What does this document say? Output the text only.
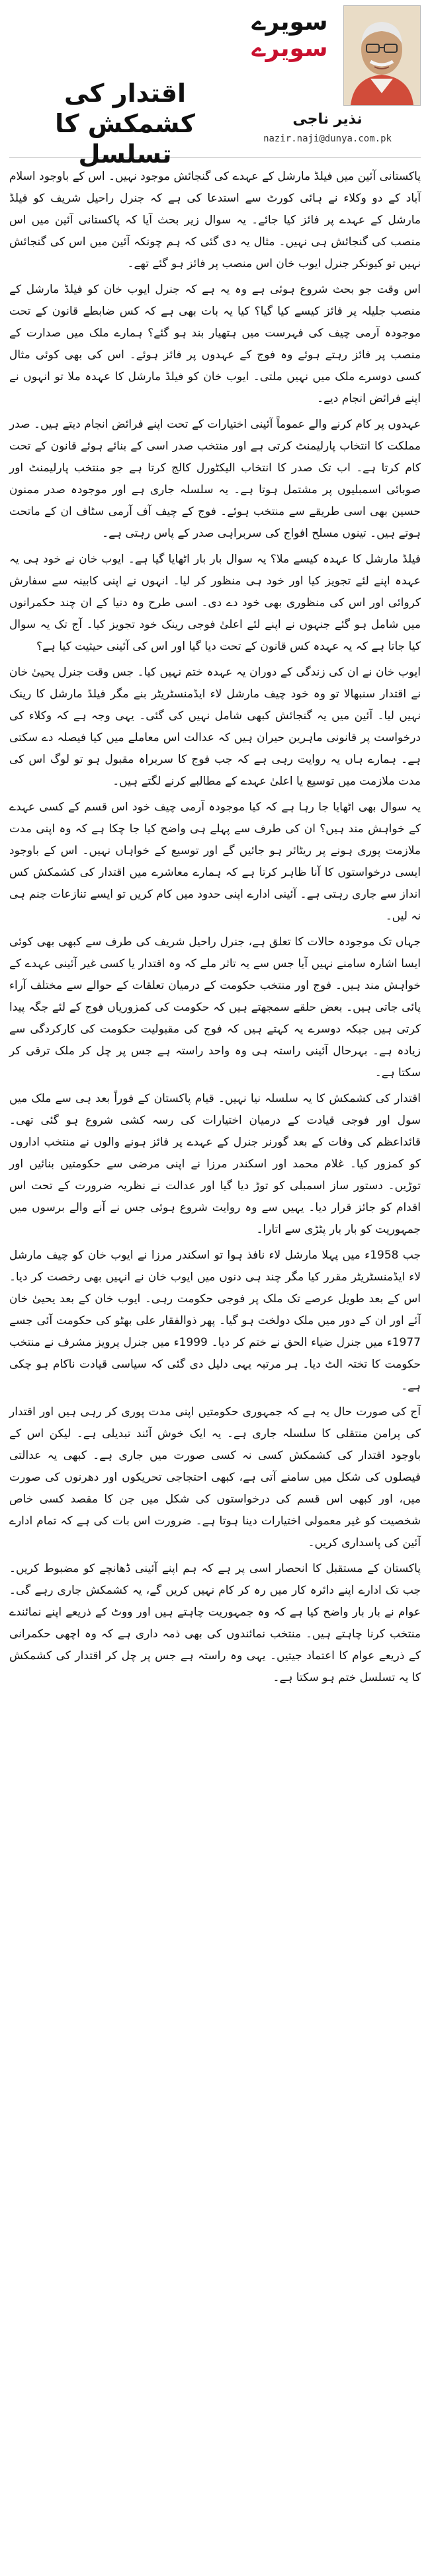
اقتدار کی کشمکش کا تسلسل
سویرے
سویرے
نذیر ناجی
nazir.naji@dunya.com.pk

پاکستانی آئین میں فیلڈ مارشل کے عہدے کی گنجائش موجود نہیں۔ اس کے باوجود اسلام آباد کے دو وکلاء نے ہائی کورٹ سے استدعا کی ہے کہ جنرل راحیل شریف کو فیلڈ مارشل کے عہدے پر فائز کیا جائے۔ یہ سوال زیر بحث آیا کہ پاکستانی آئین میں اس منصب کی گنجائش ہی نہیں۔ مثال یہ دی گئی کہ ہم چونکہ آئین میں اس کی گنجائش نہیں تو کیونکر جنرل ایوب خان اس منصب پر فائز ہو گئے تھے۔

اس وقت جو بحث شروع ہوئی ہے وہ یہ ہے کہ جنرل ایوب خان کو فیلڈ مارشل کے منصب جلیلہ پر فائز کیسے کیا گیا؟ کیا یہ بات بھی ہے کہ کس ضابطے قانون کے تحت موجودہ آرمی چیف کی فہرست میں ہتھیار بند ہو گئے؟ ہمارے ملک میں صدارت کے منصب پر فائز رہتے ہوئے وہ فوج کے عہدوں پر فائز ہوئے۔ اس کی بھی کوئی مثال کسی دوسرے ملک میں نہیں ملتی۔ ایوب خان کو فیلڈ مارشل کا عہدہ ملا تو انہوں نے اپنے فرائض انجام دیے۔

عہدوں پر کام کرنے والے عموماً آئینی اختیارات کے تحت اپنے فرائض انجام دیتے ہیں۔ صدر مملکت کا انتخاب پارلیمنٹ کرتی ہے اور منتخب صدر اسی کے بنائے ہوئے قانون کے تحت کام کرتا ہے۔ اب تک صدر کا انتخاب الیکٹورل کالج کرتا ہے جو منتخب پارلیمنٹ اور صوبائی اسمبلیوں پر مشتمل ہوتا ہے۔ یہ سلسلہ جاری ہے اور موجودہ صدر ممنون حسین بھی اسی طریقے سے منتخب ہوئے۔ فوج کے چیف آف آرمی سٹاف ان کے ماتحت ہوتے ہیں۔ تینوں مسلح افواج کی سربراہی صدر کے پاس رہتی ہے۔

فیلڈ مارشل کا عہدہ کیسے ملا؟ یہ سوال بار بار اٹھایا گیا ہے۔ ایوب خان نے خود ہی یہ عہدہ اپنے لئے تجویز کیا اور خود ہی منظور کر لیا۔ انہوں نے اپنی کابینہ سے سفارش کروائی اور اس کی منظوری بھی خود دے دی۔ اسی طرح وہ دنیا کے ان چند حکمرانوں میں شامل ہو گئے جنہوں نے اپنے لئے اعلیٰ فوجی رینک خود تجویز کیا۔ آج تک یہ سوال کیا جاتا ہے کہ یہ عہدہ کس قانون کے تحت دیا گیا اور اس کی آئینی حیثیت کیا ہے؟

ایوب خان نے ان کی زندگی کے دوران یہ عہدہ ختم نہیں کیا۔ جس وقت جنرل یحییٰ خان نے اقتدار سنبھالا تو وہ خود چیف مارشل لاء ایڈمنسٹریٹر بنے مگر فیلڈ مارشل کا رینک نہیں لیا۔ آئین میں یہ گنجائش کبھی شامل نہیں کی گئی۔ یہی وجہ ہے کہ وکلاء کی درخواست پر قانونی ماہرین حیران ہیں کہ عدالت اس معاملے میں کیا فیصلہ دے سکتی ہے۔ ہمارے ہاں یہ روایت رہی ہے کہ جب فوج کا سربراہ مقبول ہو تو لوگ اس کی مدت ملازمت میں توسیع یا اعلیٰ عہدے کے مطالبے کرنے لگتے ہیں۔

یہ سوال بھی اٹھایا جا رہا ہے کہ کیا موجودہ آرمی چیف خود اس قسم کے کسی عہدے کے خواہش مند ہیں؟ ان کی طرف سے پہلے ہی واضح کیا جا چکا ہے کہ وہ اپنی مدت ملازمت پوری ہونے پر ریٹائر ہو جائیں گے اور توسیع کے خواہاں نہیں۔ اس کے باوجود ایسی درخواستوں کا آنا ظاہر کرتا ہے کہ ہمارے معاشرے میں اقتدار کی کشمکش کس انداز سے جاری رہتی ہے۔ آئینی ادارے اپنی حدود میں کام کریں تو ایسے تنازعات جنم ہی نہ لیں۔

جہاں تک موجودہ حالات کا تعلق ہے، جنرل راحیل شریف کی طرف سے کبھی بھی کوئی ایسا اشارہ سامنے نہیں آیا جس سے یہ تاثر ملے کہ وہ اقتدار یا کسی غیر آئینی عہدے کے خواہش مند ہیں۔ فوج اور منتخب حکومت کے درمیان تعلقات کے حوالے سے مختلف آراء پائی جاتی ہیں۔ بعض حلقے سمجھتے ہیں کہ حکومت کی کمزوریاں فوج کے لئے جگہ پیدا کرتی ہیں جبکہ دوسرے یہ کہتے ہیں کہ فوج کی مقبولیت حکومت کی کارکردگی سے زیادہ ہے۔ بہرحال آئینی راستہ ہی وہ واحد راستہ ہے جس پر چل کر ملک ترقی کر سکتا ہے۔

اقتدار کی کشمکش کا یہ سلسلہ نیا نہیں۔ قیام پاکستان کے فوراً بعد ہی سے ملک میں سول اور فوجی قیادت کے درمیان اختیارات کی رسہ کشی شروع ہو گئی تھی۔ قائداعظم کی وفات کے بعد گورنر جنرل کے عہدے پر فائز ہونے والوں نے منتخب اداروں کو کمزور کیا۔ غلام محمد اور اسکندر مرزا نے اپنی مرضی سے حکومتیں بنائیں اور توڑیں۔ دستور ساز اسمبلی کو توڑ دیا گیا اور عدالت نے نظریہ ضرورت کے تحت اس اقدام کو جائز قرار دیا۔ یہیں سے وہ روایت شروع ہوئی جس نے آنے والے برسوں میں جمہوریت کو بار بار پٹڑی سے اتارا۔

جب 1958ء میں پہلا مارشل لاء نافذ ہوا تو اسکندر مرزا نے ایوب خان کو چیف مارشل لاء ایڈمنسٹریٹر مقرر کیا مگر چند ہی دنوں میں ایوب خان نے انہیں بھی رخصت کر دیا۔ اس کے بعد طویل عرصے تک ملک پر فوجی حکومت رہی۔ ایوب خان کے بعد یحییٰ خان آئے اور ان کے دور میں ملک دولخت ہو گیا۔ پھر ذوالفقار علی بھٹو کی حکومت آئی جسے 1977ء میں جنرل ضیاء الحق نے ختم کر دیا۔ 1999ء میں جنرل پرویز مشرف نے منتخب حکومت کا تختہ الٹ دیا۔ ہر مرتبہ یہی دلیل دی گئی کہ سیاسی قیادت ناکام ہو چکی ہے۔

آج کی صورت حال یہ ہے کہ جمہوری حکومتیں اپنی مدت پوری کر رہی ہیں اور اقتدار کی پرامن منتقلی کا سلسلہ جاری ہے۔ یہ ایک خوش آئند تبدیلی ہے۔ لیکن اس کے باوجود اقتدار کی کشمکش کسی نہ کسی صورت میں جاری ہے۔ کبھی یہ عدالتی فیصلوں کی شکل میں سامنے آتی ہے، کبھی احتجاجی تحریکوں اور دھرنوں کی صورت میں، اور کبھی اس قسم کی درخواستوں کی شکل میں جن کا مقصد کسی خاص شخصیت کو غیر معمولی اختیارات دینا ہوتا ہے۔ ضرورت اس بات کی ہے کہ تمام ادارے آئین کی پاسداری کریں۔

پاکستان کے مستقبل کا انحصار اسی پر ہے کہ ہم اپنے آئینی ڈھانچے کو مضبوط کریں۔ جب تک ادارے اپنے دائرہ کار میں رہ کر کام نہیں کریں گے، یہ کشمکش جاری رہے گی۔ عوام نے بار بار واضح کیا ہے کہ وہ جمہوریت چاہتے ہیں اور ووٹ کے ذریعے اپنے نمائندے منتخب کرنا چاہتے ہیں۔ منتخب نمائندوں کی بھی ذمہ داری ہے کہ وہ اچھی حکمرانی کے ذریعے عوام کا اعتماد جیتیں۔ یہی وہ راستہ ہے جس پر چل کر اقتدار کی کشمکش کا یہ تسلسل ختم ہو سکتا ہے۔
